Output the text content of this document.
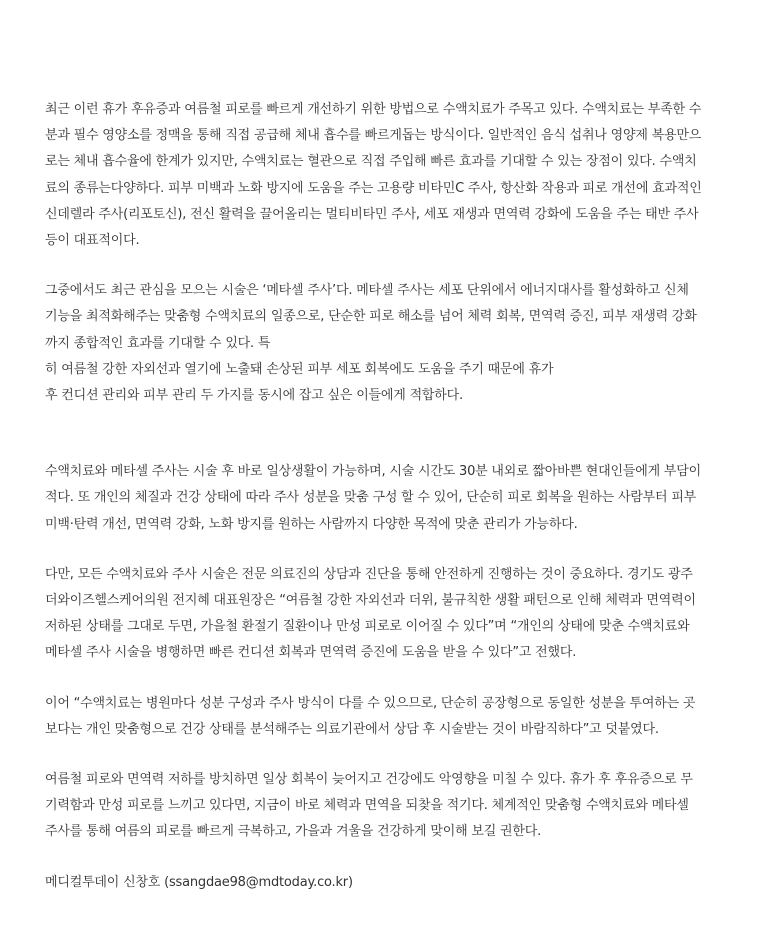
최근 이런 휴가 후유증과 여름철 피로를 빠르게 개선하기 위한 방법으로 수액치료가 주목고 있다. 수액치료는 부족한 수
분과 필수 영양소를 정맥을 통해 직접 공급해 체내 흡수를 빠르게돕는 방식이다. 일반적인 음식 섭취나 영양제 복용만으
로는 체내 흡수율에 한계가 있지만, 수액치료는 혈관으로 직접 주입해 빠른 효과를 기대할 수 있는 장점이 있다. 수액치
료의 종류는다양하다. 피부 미백과 노화 방지에 도움을 주는 고용량 비타민C 주사, 항산화 작용과 피로 개선에 효과적인
신데렐라 주사(리포토신), 전신 활력을 끌어올리는 멀티비타민 주사, 세포 재생과 면역력 강화에 도움을 주는 태반 주사
등이 대표적이다.

그중에서도 최근 관심을 모으는 시술은 ‘메타셀 주사’다. 메타셀 주사는 세포 단위에서 에너지대사를 활성화하고 신체
기능을 최적화해주는 맞춤형 수액치료의 일종으로, 단순한 피로 해소를 넘어 체력 회복, 면역력 증진, 피부 재생력 강화
까지 종합적인 효과를 기대할 수 있다. 특
히 여름철 강한 자외선과 열기에 노출돼 손상된 피부 세포 회복에도 도움을 주기 때문에 휴가
후 컨디션 관리와 피부 관리 두 가지를 동시에 잡고 싶은 이들에게 적합하다.

수액치료와 메타셀 주사는 시술 후 바로 일상생활이 가능하며, 시술 시간도 30분 내외로 짧아바쁜 현대인들에게 부담이
적다. 또 개인의 체질과 건강 상태에 따라 주사 성분을 맞춤 구성 할 수 있어, 단순히 피로 회복을 원하는 사람부터 피부
미백·탄력 개선, 면역력 강화, 노화 방지를 원하는 사람까지 다양한 목적에 맞춘 관리가 가능하다.

다만, 모든 수액치료와 주사 시술은 전문 의료진의 상담과 진단을 통해 안전하게 진행하는 것이 중요하다. 경기도 광주
더와이즈헬스케어의원 전지혜 대표원장은 “여름철 강한 자외선과 더위, 불규칙한 생활 패턴으로 인해 체력과 면역력이
저하된 상태를 그대로 두면, 가을철 환절기 질환이나 만성 피로로 이어질 수 있다”며 “개인의 상태에 맞춘 수액치료와
메타셀 주사 시술을 병행하면 빠른 컨디션 회복과 면역력 증진에 도움을 받을 수 있다”고 전했다.

이어 “수액치료는 병원마다 성분 구성과 주사 방식이 다를 수 있으므로, 단순히 공장형으로 동일한 성분을 투여하는 곳
보다는 개인 맞춤형으로 건강 상태를 분석해주는 의료기관에서 상담 후 시술받는 것이 바람직하다”고 덧붙였다.

여름철 피로와 면역력 저하를 방치하면 일상 회복이 늦어지고 건강에도 악영향을 미칠 수 있다. 휴가 후 후유증으로 무
기력함과 만성 피로를 느끼고 있다면, 지금이 바로 체력과 면역을 되찾을 적기다. 체계적인 맞춤형 수액치료와 메타셀
주사를 통해 여름의 피로를 빠르게 극복하고, 가을과 겨울을 건강하게 맞이해 보길 권한다.

메디컬투데이 신창호 (ssangdae98@mdtoday.co.kr)
